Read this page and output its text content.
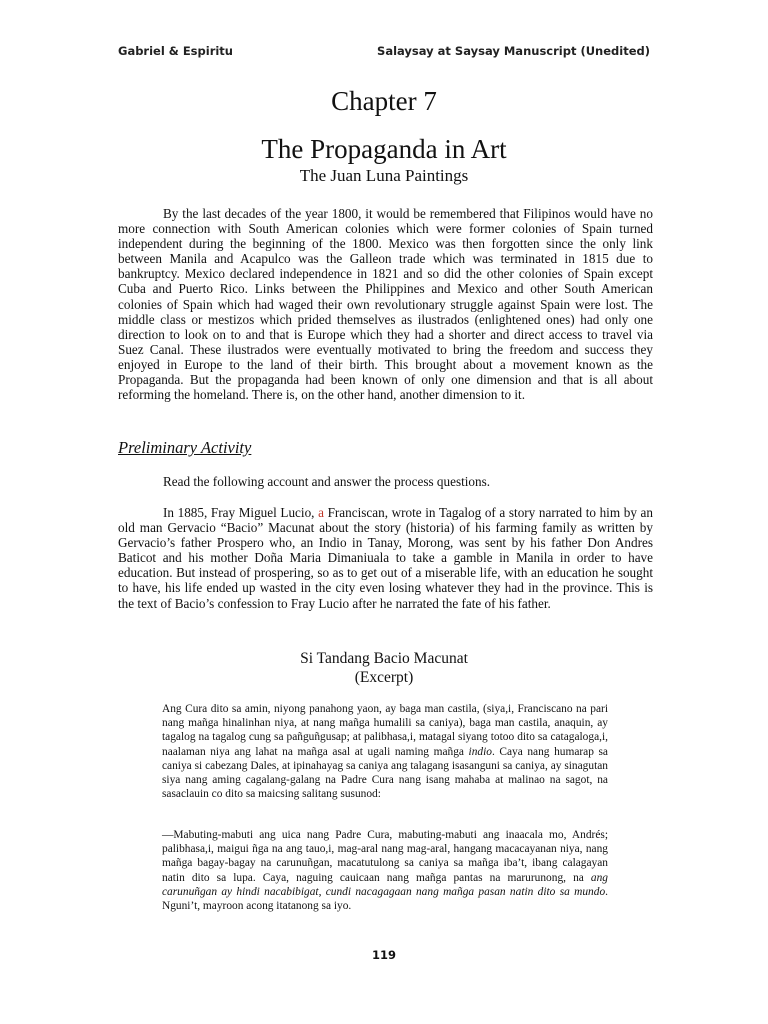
Gabriel & Espiritu	Salaysay at Saysay Manuscript (Unedited)
Chapter 7
The Propaganda in Art
The Juan Luna Paintings

By the last decades of the year 1800, it would be remembered that Filipinos would have no more connection with South American colonies which were former colonies of Spain turned independent during the beginning of the 1800. Mexico was then forgotten since the only link between Manila and Acapulco was the Galleon trade which was terminated in 1815 due to bankruptcy. Mexico declared independence in 1821 and so did the other colonies of Spain except Cuba and Puerto Rico. Links between the Philippines and Mexico and other South American colonies of Spain which had waged their own revolutionary struggle against Spain were lost. The middle class or mestizos which prided themselves as ilustrados (enlightened ones) had only one direction to look on to and that is Europe which they had a shorter and direct access to travel via Suez Canal. These ilustrados were eventually motivated to bring the freedom and success they enjoyed in Europe to the land of their birth. This brought about a movement known as the Propaganda. But the propaganda had been known of only one dimension and that is all about reforming the homeland. There is, on the other hand, another dimension to it.

Preliminary Activity

Read the following account and answer the process questions.

In 1885, Fray Miguel Lucio, a Franciscan, wrote in Tagalog of a story narrated to him by an old man Gervacio “Bacio” Macunat about the story (historia) of his farming family as written by Gervacio’s father Prospero who, an Indio in Tanay, Morong, was sent by his father Don Andres Baticot and his mother Doña Maria Dimaniuala to take a gamble in Manila in order to have education. But instead of prospering, so as to get out of a miserable life, with an education he sought to have, his life ended up wasted in the city even losing whatever they had in the province. This is the text of Bacio’s confession to Fray Lucio after he narrated the fate of his father.

Si Tandang Bacio Macunat
(Excerpt)

Ang Cura dito sa amin, niyong panahong yaon, ay baga man castila, (siya,i, Franciscano na pari nang mañga hinalinhan niya, at nang mañga humalili sa caniya), baga man castila, anaquin, ay tagalog na tagalog cung sa pañguñgusap; at palibhasa,i, matagal siyang totoo dito sa catagaloga,i, naalaman niya ang lahat na mañga asal at ugali naming mañga indio. Caya nang humarap sa caniya si cabezang Dales, at ipinahayag sa caniya ang talagang isasanguni sa caniya, ay sinagutan siya nang aming cagalang-galang na Padre Cura nang isang mahaba at malinao na sagot, na sasaclauin co dito sa maicsing salitang susunod:

—Mabuting-mabuti ang uica nang Padre Cura, mabuting-mabuti ang inaacala mo, Andrés; palibhasa,i, maigui ñga na ang tauo,i, mag-aral nang mag-aral, hangang macacayanan niya, nang mañga bagay-bagay na carunuñgan, macatutulong sa caniya sa mañga iba’t, ibang calagayan natin dito sa lupa. Caya, naguing cauicaan nang mañga pantas na marurunong, na ang carunuñgan ay hindi nacabibigat, cundi nacagagaan nang mañga pasan natin dito sa mundo. Nguni’t, mayroon acong itatanong sa iyo.

119
